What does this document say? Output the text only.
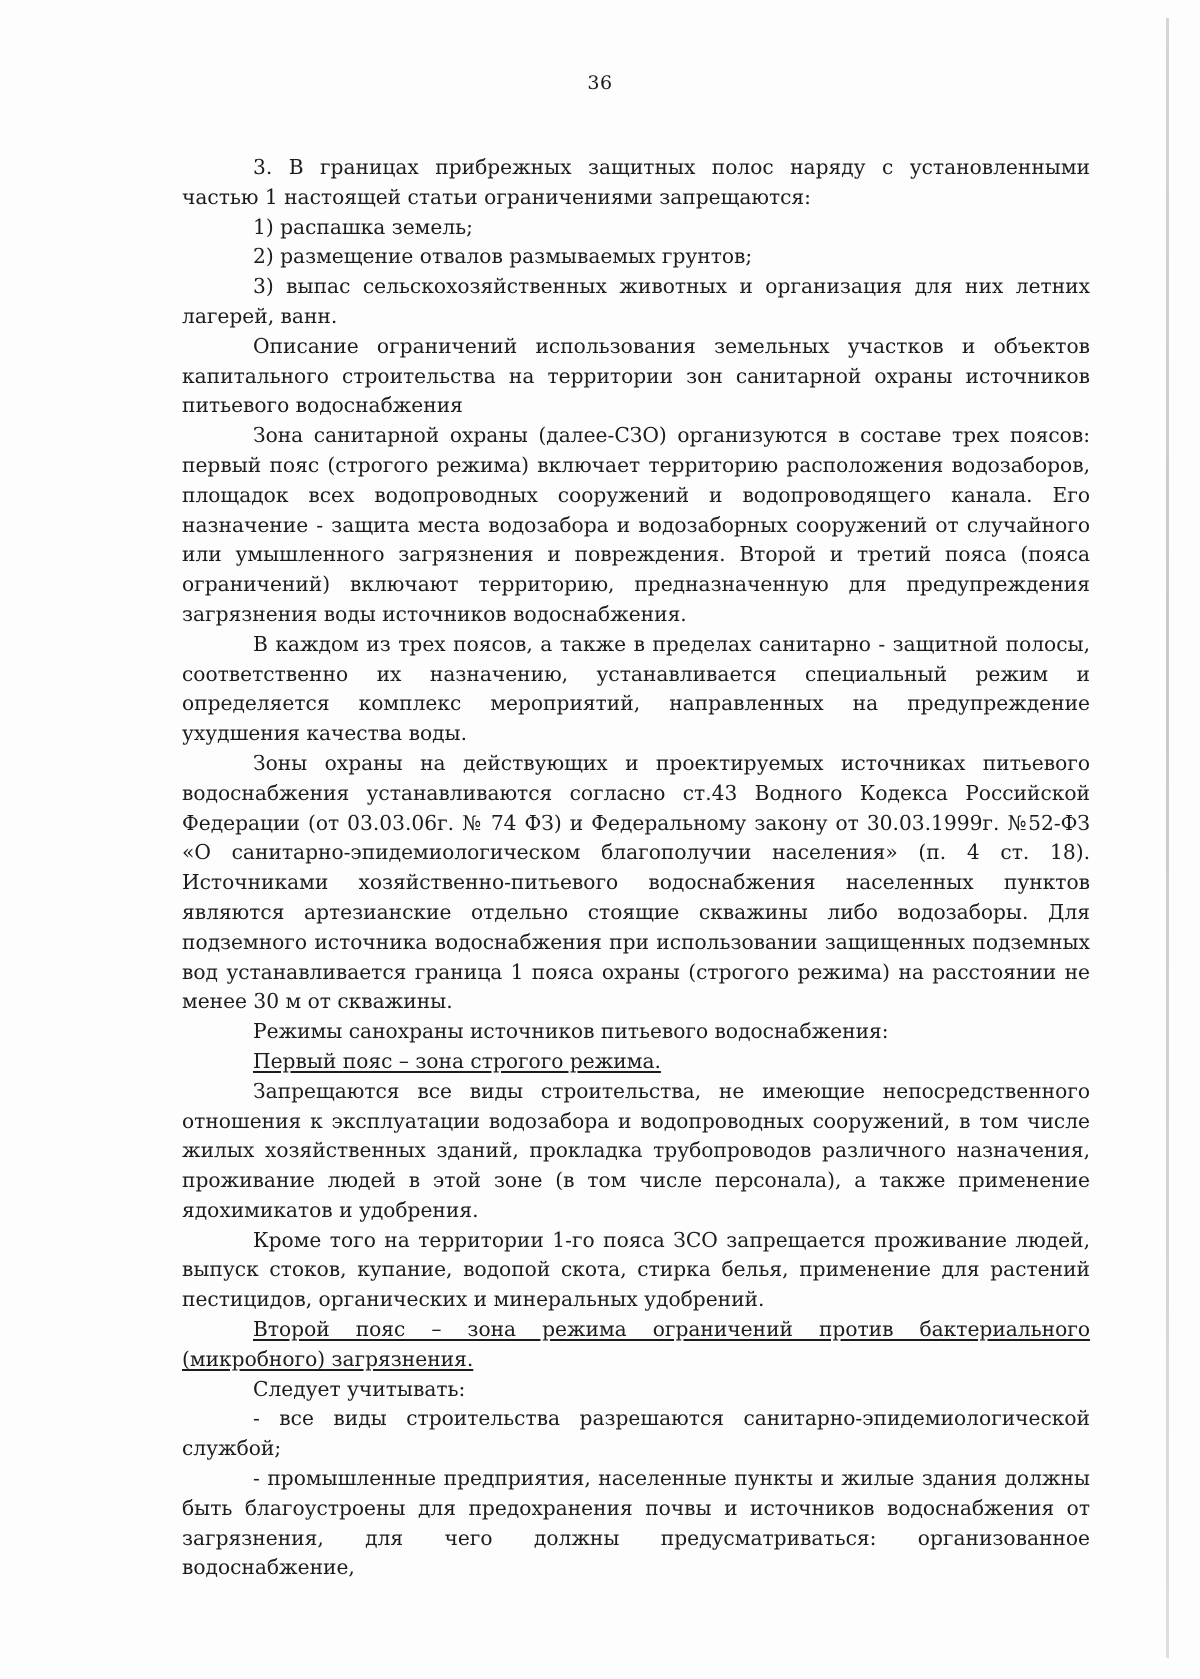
36

3. В границах прибрежных защитных полос наряду с установленными частью 1 настоящей статьи ограничениями запрещаются:

1) распашка земель;

2) размещение отвалов размываемых грунтов;

3) выпас сельскохозяйственных животных и организация для них летних лагерей, ванн.

Описание ограничений использования земельных участков и объектов капитального строительства на территории зон санитарной охраны источников питьевого водоснабжения

Зона санитарной охраны (далее-СЗО) организуются в составе трех поясов: первый пояс (строгого режима) включает территорию расположения водозаборов, площадок всех водопроводных сооружений и водопроводящего канала. Его назначение - защита места водозабора и водозаборных сооружений от случайного или умышленного загрязнения и повреждения. Второй и третий пояса (пояса ограничений) включают территорию, предназначенную для предупреждения загрязнения воды источников водоснабжения.

В каждом из трех поясов, а также в пределах санитарно - защитной полосы, соответственно их назначению, устанавливается специальный режим и определяется комплекс мероприятий, направленных на предупреждение ухудшения качества воды.

Зоны охраны на действующих и проектируемых источниках питьевого водоснабжения устанавливаются согласно ст.43 Водного Кодекса Российской Федерации (от 03.03.06г. № 74 ФЗ) и Федеральному закону от 30.03.1999г. №52-ФЗ «О санитарно-эпидемиологическом благополучии населения» (п. 4 ст. 18). Источниками хозяйственно-питьевого водоснабжения населенных пунктов являются артезианские отдельно стоящие скважины либо водозаборы. Для подземного источника водоснабжения при использовании защищенных подземных вод устанавливается граница 1 пояса охраны (строгого режима) на расстоянии не менее 30 м от скважины.

Режимы санохраны источников питьевого водоснабжения:

Первый пояс – зона строгого режима.

Запрещаются все виды строительства, не имеющие непосредственного отношения к эксплуатации водозабора и водопроводных сооружений, в том числе жилых хозяйственных зданий, прокладка трубопроводов различного назначения, проживание людей в этой зоне (в том числе персонала), а также применение ядохимикатов и удобрения.

Кроме того на территории 1-го пояса ЗСО запрещается проживание людей, выпуск стоков, купание, водопой скота, стирка белья, применение для растений пестицидов, органических и минеральных удобрений.

Второй пояс – зона режима ограничений против бактериального (микробного) загрязнения.

Следует учитывать:

- все виды строительства разрешаются санитарно-эпидемиологической службой;

- промышленные предприятия, населенные пункты и жилые здания должны быть благоустроены для предохранения почвы и источников водоснабжения от загрязнения, для чего должны предусматриваться: организованное водоснабжение,
